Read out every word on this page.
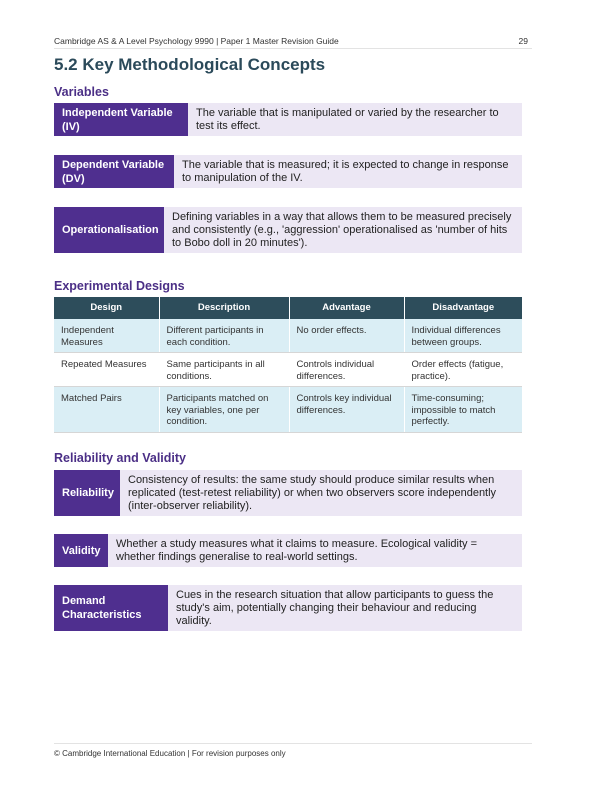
Cambridge AS & A Level Psychology 9990 | Paper 1 Master Revision Guide	29
5.2 Key Methodological Concepts
Variables
Independent Variable (IV)
The variable that is manipulated or varied by the researcher to test its effect.
Dependent Variable (DV)
The variable that is measured; it is expected to change in response to manipulation of the IV.
Operationalisation
Defining variables in a way that allows them to be measured precisely and consistently (e.g., 'aggression' operationalised as 'number of hits to Bobo doll in 20 minutes').
Experimental Designs
Design	Description	Advantage	Disadvantage
Independent Measures	Different participants in each condition.	No order effects.	Individual differences between groups.
Repeated Measures	Same participants in all conditions.	Controls individual differences.	Order effects (fatigue, practice).
Matched Pairs	Participants matched on key variables, one per condition.	Controls key individual differences.	Time-consuming; impossible to match perfectly.
Reliability and Validity
Reliability
Consistency of results: the same study should produce similar results when replicated (test-retest reliability) or when two observers score independently (inter-observer reliability).
Validity
Whether a study measures what it claims to measure. Ecological validity = whether findings generalise to real-world settings.
Demand Characteristics
Cues in the research situation that allow participants to guess the study's aim, potentially changing their behaviour and reducing validity.
© Cambridge International Education | For revision purposes only
